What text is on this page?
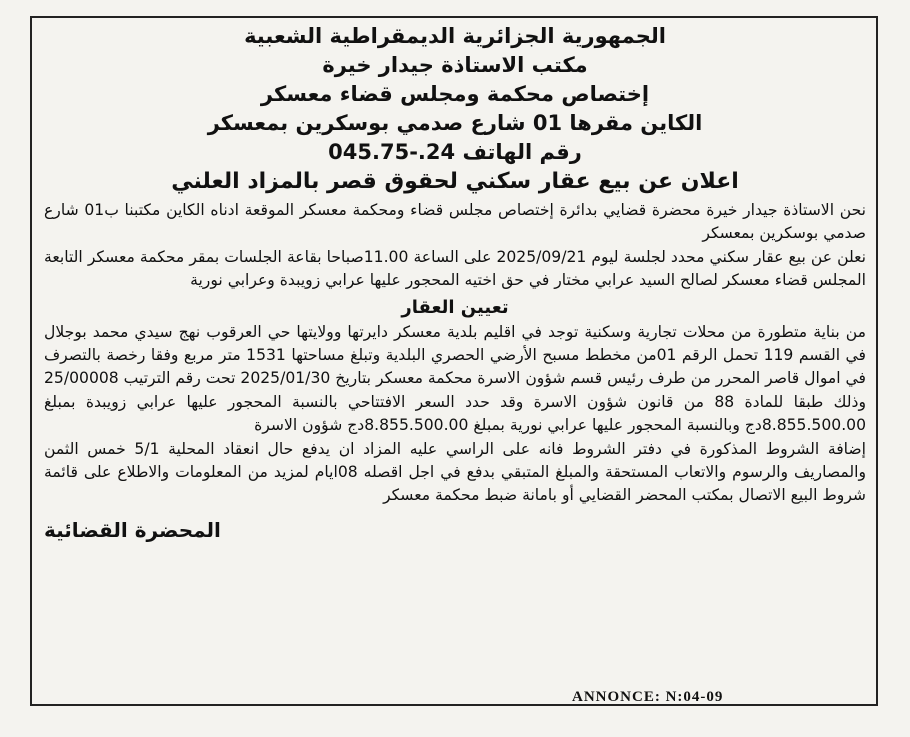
الجمهورية الجزائرية الديمقراطية الشعبية
مكتب الاستاذة جيدار خيرة
إختصاص محكمة ومجلس قضاء معسكر
الكاين مقرها 01 شارع صدمي بوسكرين بمعسكر
رقم الهاتف 24.-045.75
اعلان عن بيع عقار سكني لحقوق قصر بالمزاد العلني

نحن الاستاذة جيدار خيرة محضرة قضايي بدائرة إختصاص مجلس قضاء ومحكمة معسكر الموقعة ادناه الكاين مكتبنا ب01 شارع صدمي بوسكرين بمعسكر

نعلن عن بيع عقار سكني محدد لجلسة ليوم 2025/09/21 على الساعة 11.00صباحا بقاعة الجلسات بمقر محكمة معسكر التابعة المجلس قضاء معسكر لصالح السيد عرابي مختار في حق اختيه المحجور عليها عرابي زويبدة وعرابي نورية

تعيين العقار

من بناية متطورة من محلات تجارية وسكنية توجد في اقليم بلدية معسكر دايرتها وولايتها حي العرقوب نهج سيدي محمد بوجلال في القسم 119 تحمل الرقم 01من مخطط مسبح الأرضي الحصري البلدية وتبلغ مساحتها 1531 متر مربع وفقا رخصة بالتصرف في اموال قاصر المحرر من طرف رئيس قسم شؤون الاسرة محكمة معسكر بتاريخ 2025/01/30 تحت رقم الترتيب 25/00008 وذلك طبقا للمادة 88 من قانون شؤون الاسرة وقد حدد السعر الافتتاحي بالنسبة المحجور عليها عرابي زويبدة بمبلغ 8.855.500.00دج وبالنسبة المحجور عليها عرابي نورية بمبلغ 8.855.500.00دج شؤون الاسرة

إضافة الشروط المذكورة في دفتر الشروط فانه على الراسي عليه المزاد ان يدفع حال انعقاد المحلية 5/1 خمس الثمن والمصاريف والرسوم والاتعاب المستحقة والمبلغ المتبقي بدفع في اجل اقصله 08ايام لمزيد من المعلومات والاطلاع على قائمة شروط البيع الاتصال بمكتب المحضر القضايي أو بامانة ضبط محكمة معسكر

المحضرة القضائية
ANNONCE: N:04-09
